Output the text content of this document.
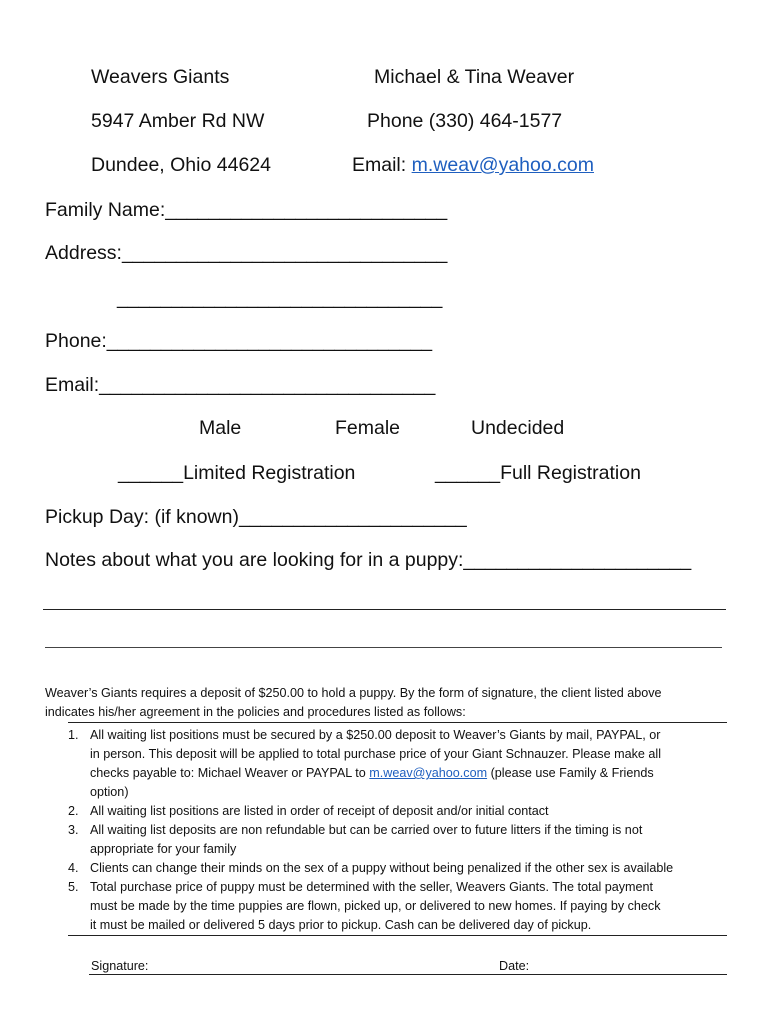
Weavers Giants	Michael & Tina Weaver
5947 Amber Rd NW	Phone (330) 464-1577
Dundee, Ohio 44624	Email: m.weav@yahoo.com
Family Name:__________________________
Address:______________________________
______________________________
Phone:______________________________
Email:_______________________________
Male	Female	Undecided
______Limited Registration	______Full Registration
Pickup Day: (if known)_____________________
Notes about what you are looking for in a puppy:_____________________
Weaver’s Giants requires a deposit of $250.00 to hold a puppy. By the form of signature, the client listed above
indicates his/her agreement in the policies and procedures listed as follows:
1. All waiting list positions must be secured by a $250.00 deposit to Weaver’s Giants by mail, PAYPAL, or
in person. This deposit will be applied to total purchase price of your Giant Schnauzer. Please make all
checks payable to: Michael Weaver or PAYPAL to m.weav@yahoo.com (please use Family & Friends
option)
2. All waiting list positions are listed in order of receipt of deposit and/or initial contact
3. All waiting list deposits are non refundable but can be carried over to future litters if the timing is not
appropriate for your family
4. Clients can change their minds on the sex of a puppy without being penalized if the other sex is available
5. Total purchase price of puppy must be determined with the seller, Weavers Giants. The total payment
must be made by the time puppies are flown, picked up, or delivered to new homes. If paying by check
it must be mailed or delivered 5 days prior to pickup. Cash can be delivered day of pickup.
Signature:	Date:
